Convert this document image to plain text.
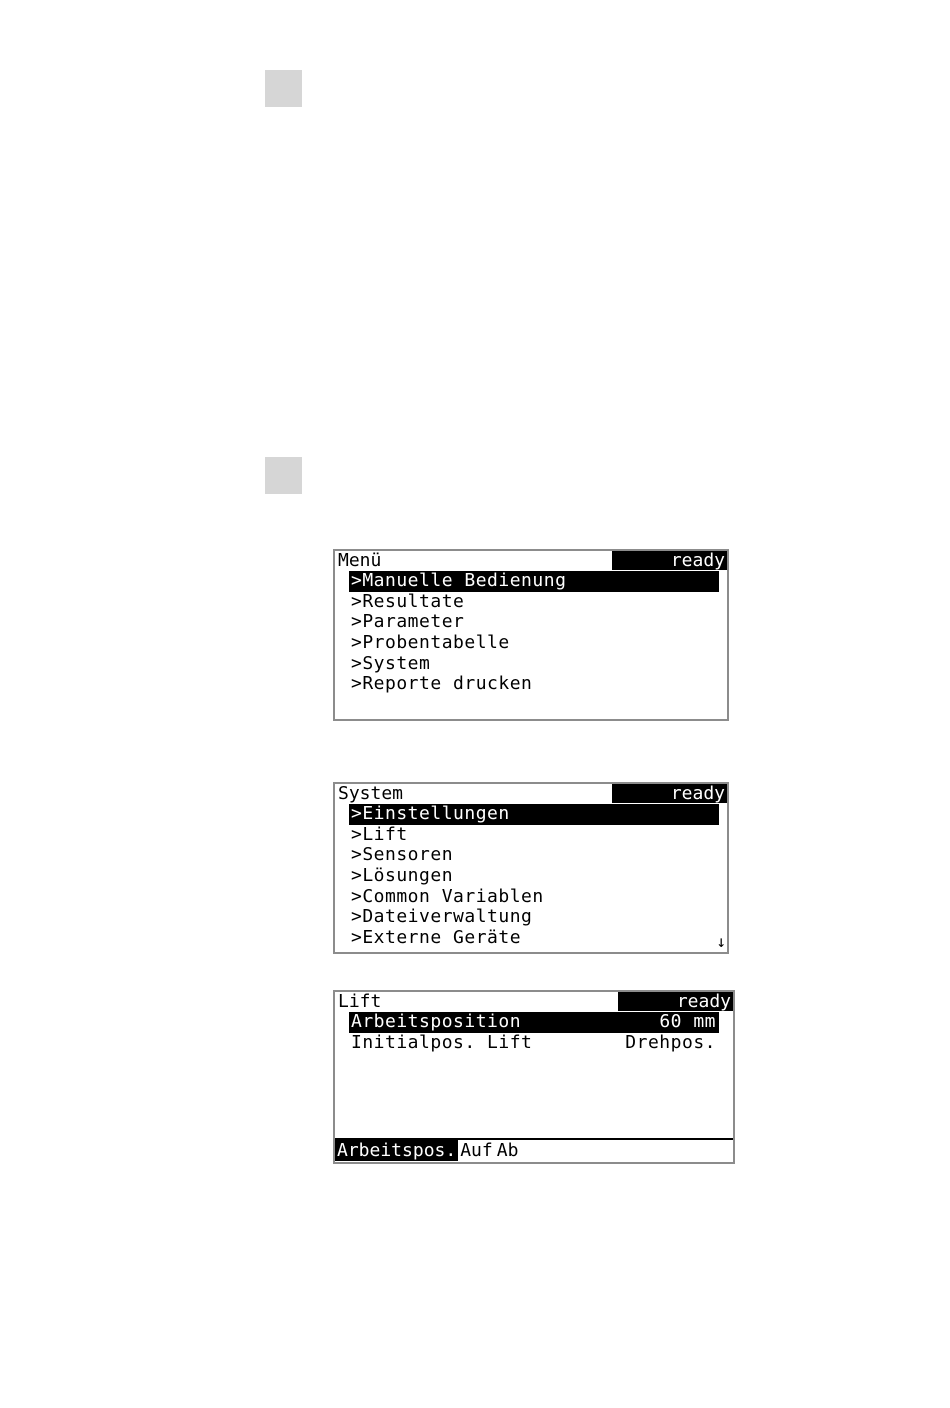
Menü	ready
>Manuelle Bedienung
>Resultate
>Parameter
>Probentabelle
>System
>Reporte drucken
System	ready
>Einstellungen
>Lift
>Sensoren
>Lösungen
>Common Variablen
>Dateiverwaltung
>Externe Geräte	↓
Lift	ready
Arbeitsposition	60 mm
Initialpos. Lift	Drehpos.
Arbeitspos. Auf Ab
